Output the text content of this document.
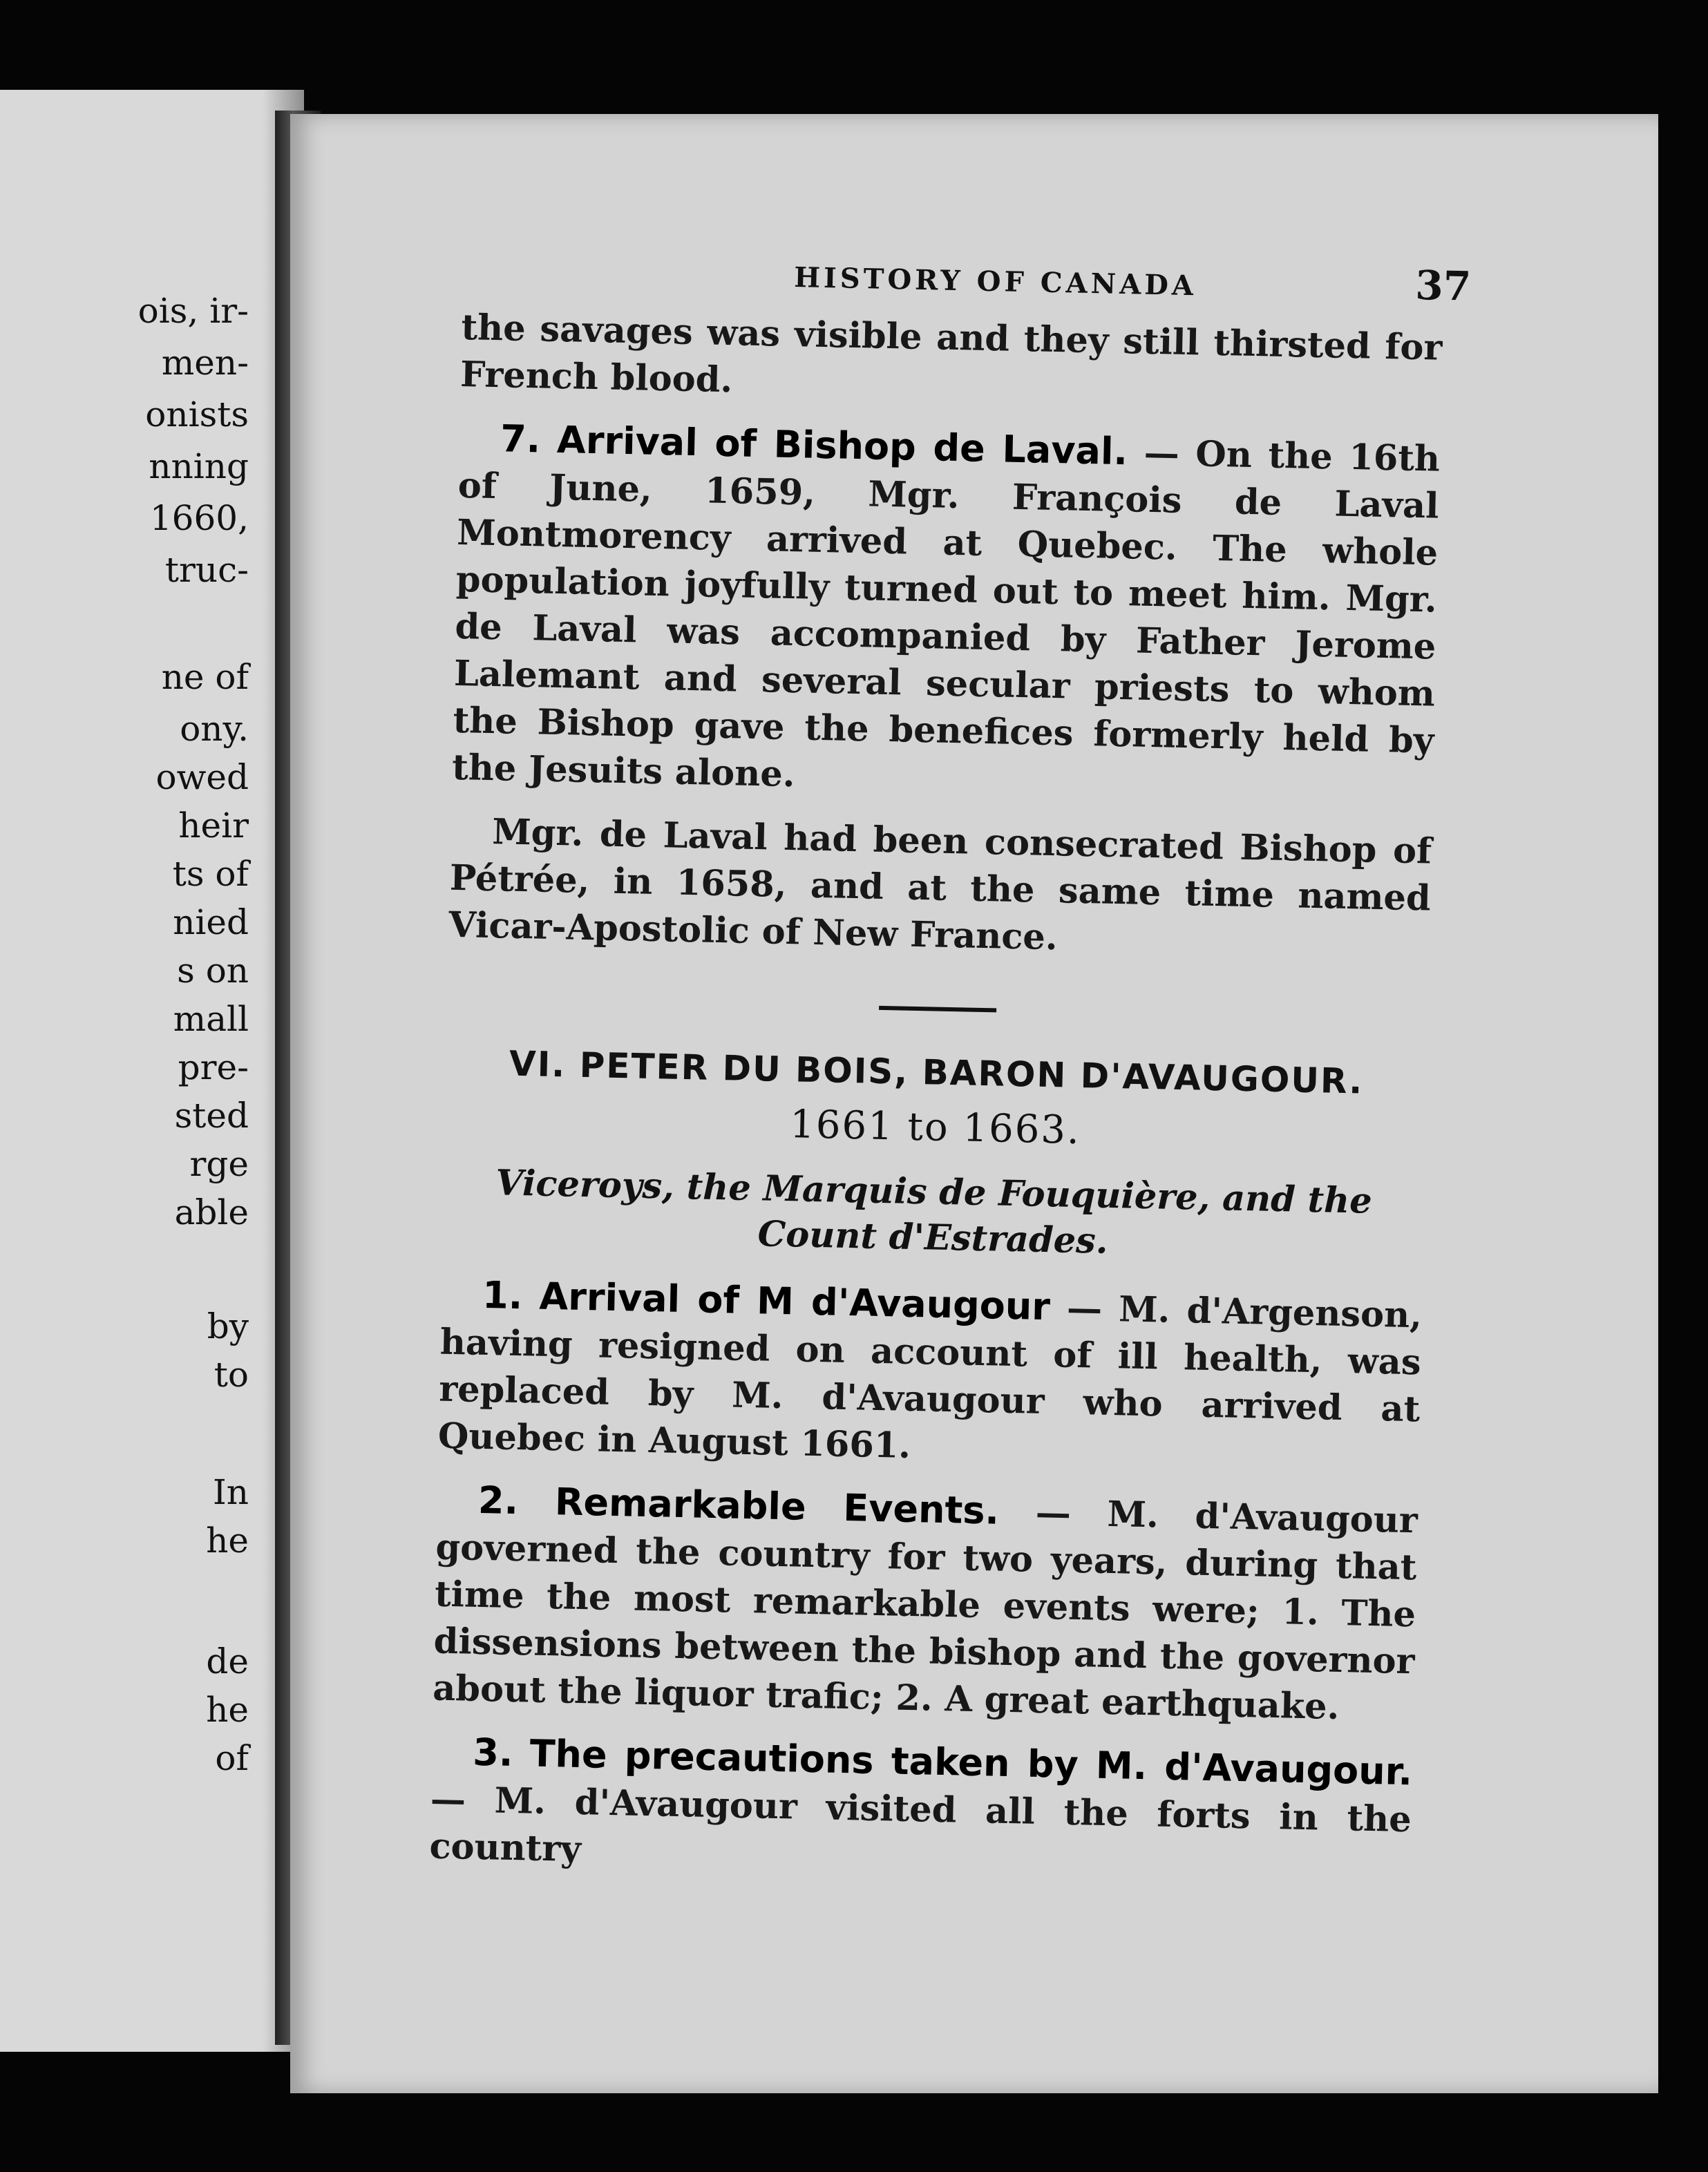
ois, ir-
men-
onists
nning
1660,
truc-
ne of
ony.
owed
heir
ts of
nied
s on
mall
pre-
sted
rge
able
by
to
In
he
de
he
of
HISTORY OF CANADA	37

the savages was visible and they still thirsted for French blood.

7. Arrival of Bishop de Laval. — On the 16th of June, 1659, Mgr. François de Laval Montmorency arrived at Quebec. The whole population joyfully turned out to meet him. Mgr. de Laval was accompanied by Father Jerome Lalemant and several secular priests to whom the Bishop gave the benefices formerly held by the Jesuits alone.

Mgr. de Laval had been consecrated Bishop of Pétrée, in 1658, and at the same time named Vicar-Apostolic of New France.

VI. PETER DU BOIS, BARON D'AVAUGOUR.
1661 to 1663.
Viceroys, the Marquis de Fouquière, and the Count d'Estrades.

1. Arrival of M d'Avaugour — M. d'Argenson, having resigned on account of ill health, was replaced by M. d'Avaugour who arrived at Quebec in August 1661.

2. Remarkable Events. — M. d'Avaugour governed the country for two years, during that time the most remarkable events were; 1. The dissensions between the bishop and the governor about the liquor trafic; 2. A great earthquake.

3. The precautions taken by M. d'Avaugour. — M. d'Avaugour visited all the forts in the country
